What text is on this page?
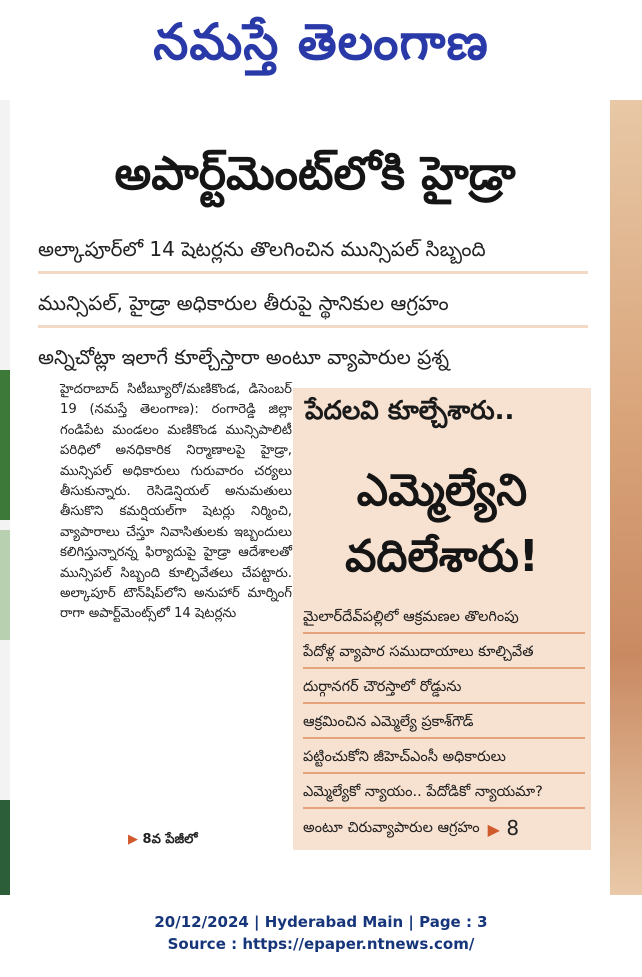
నమస్తే తెలంగాణ
అపార్ట్‌మెంట్‌లోకి హైడ్రా
అల్కాపూర్‌లో 14 షెటర్లను తొలగించిన మున్సిపల్ సిబ్బంది
మున్సిపల్, హైడ్రా అధికారుల తీరుపై స్థానికుల ఆగ్రహం
అన్నిచోట్లా ఇలాగే కూల్చేస్తారా అంటూ వ్యాపారుల ప్రశ్న
హైదరాబాద్ సిటీబ్యూరో/మణికొండ, డిసెంబర్ 19 (నమస్తే తెలంగాణ): రంగారెడ్డి జిల్లా గండిపేట మండలం మణికొండ మున్సిపాలిటీ పరిధిలో అనధికారిక నిర్మాణాలపై హైడ్రా, మున్సిపల్ అధికారులు గురువారం చర్యలు తీసుకున్నారు. రెసిడెన్షియల్ అనుమతులు తీసుకొని కమర్షియల్‌గా షెటర్లు నిర్మించి, వ్యాపారాలు చేస్తూ నివాసితులకు ఇబ్బందులు కలిగిస్తున్నారన్న ఫిర్యాదుపై హైడ్రా ఆదేశాలతో మున్సిపల్ సిబ్బంది కూల్చివేతలు చేపట్టారు. అల్కాపూర్ టౌన్‌షిప్‌లోని అనుహార్ మార్నింగ్ రాగా అపార్ట్‌మెంట్స్‌లో 14 షెటర్లను
▶ 8వ పేజీలో
పేదలవి కూల్చేశారు..
ఎమ్మెల్యేని
వదిలేశారు!
మైలార్‌దేవ్‌పల్లిలో ఆక్రమణల తొలగింపు
పేదోళ్ల వ్యాపార సముదాయాలు కూల్చివేత
దుర్గానగర్ చౌరస్తాలో రోడ్డును
ఆక్రమించిన ఎమ్మెల్యే ప్రకాశ్‌గౌడ్
పట్టించుకోని జీహెచ్ఎంసీ అధికారులు
ఎమ్మెల్యేకో న్యాయం.. పేదోడికో న్యాయమా?
అంటూ చిరువ్యాపారుల ఆగ్రహం ▶ 8
20/12/2024 | Hyderabad Main | Page : 3
Source : https://epaper.ntnews.com/
